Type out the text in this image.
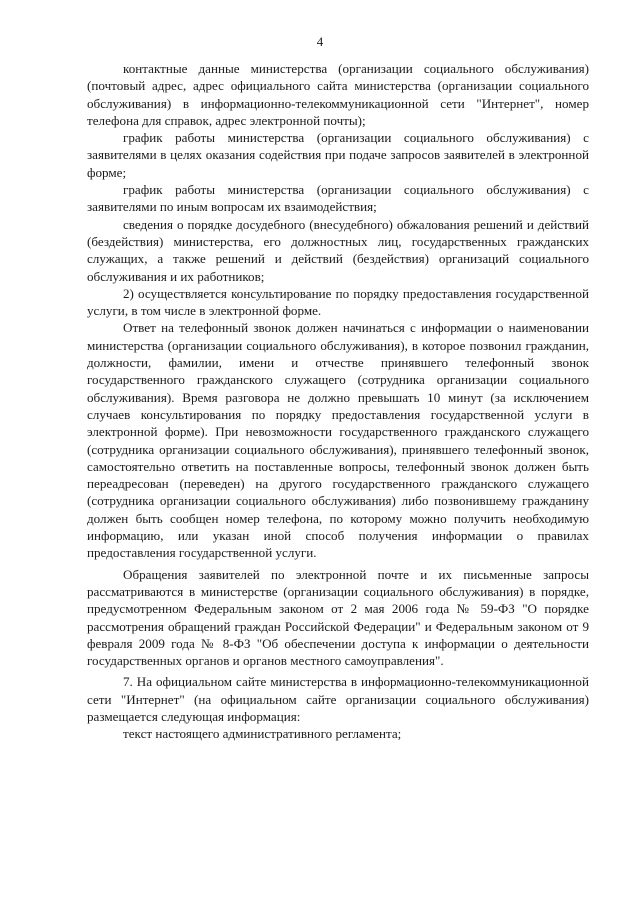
4

контактные данные министерства (организации социального обслуживания) (почтовый адрес, адрес официального сайта министерства (организации социального обслуживания) в информационно-телекоммуникационной сети "Интернет", номер телефона для справок, адрес электронной почты);

график работы министерства (организации социального обслуживания) с заявителями в целях оказания содействия при подаче запросов заявителей в электронной форме;

график работы министерства (организации социального обслуживания) с заявителями по иным вопросам их взаимодействия;

сведения о порядке досудебного (внесудебного) обжалования решений и действий (бездействия) министерства, его должностных лиц, государственных гражданских служащих, а также решений и действий (бездействия) организаций социального обслуживания и их работников;

2) осуществляется консультирование по порядку предоставления государственной услуги, в том числе в электронной форме.

Ответ на телефонный звонок должен начинаться с информации о наименовании министерства (организации социального обслуживания), в которое позвонил гражданин, должности, фамилии, имени и отчестве принявшего телефонный звонок государственного гражданского служащего (сотрудника организации социального обслуживания). Время разговора не должно превышать 10 минут (за исключением случаев консультирования по порядку предоставления государственной услуги в электронной форме). При невозможности государственного гражданского служащего (сотрудника организации социального обслуживания), принявшего телефонный звонок, самостоятельно ответить на поставленные вопросы, телефонный звонок должен быть переадресован (переведен) на другого государственного гражданского служащего (сотрудника организации социального обслуживания) либо позвонившему гражданину должен быть сообщен номер телефона, по которому можно получить необходимую информацию, или указан иной способ получения информации о правилах предоставления государственной услуги.

Обращения заявителей по электронной почте и их письменные запросы рассматриваются в министерстве (организации социального обслуживания) в порядке, предусмотренном Федеральным законом от 2 мая 2006 года № 59-ФЗ "О порядке рассмотрения обращений граждан Российской Федерации" и Федеральным законом от 9 февраля 2009 года № 8-ФЗ "Об обеспечении доступа к информации о деятельности государственных органов и органов местного самоуправления".

7. На официальном сайте министерства в информационно-телекоммуникационной сети "Интернет" (на официальном сайте организации социального обслуживания) размещается следующая информация:

текст настоящего административного регламента;
